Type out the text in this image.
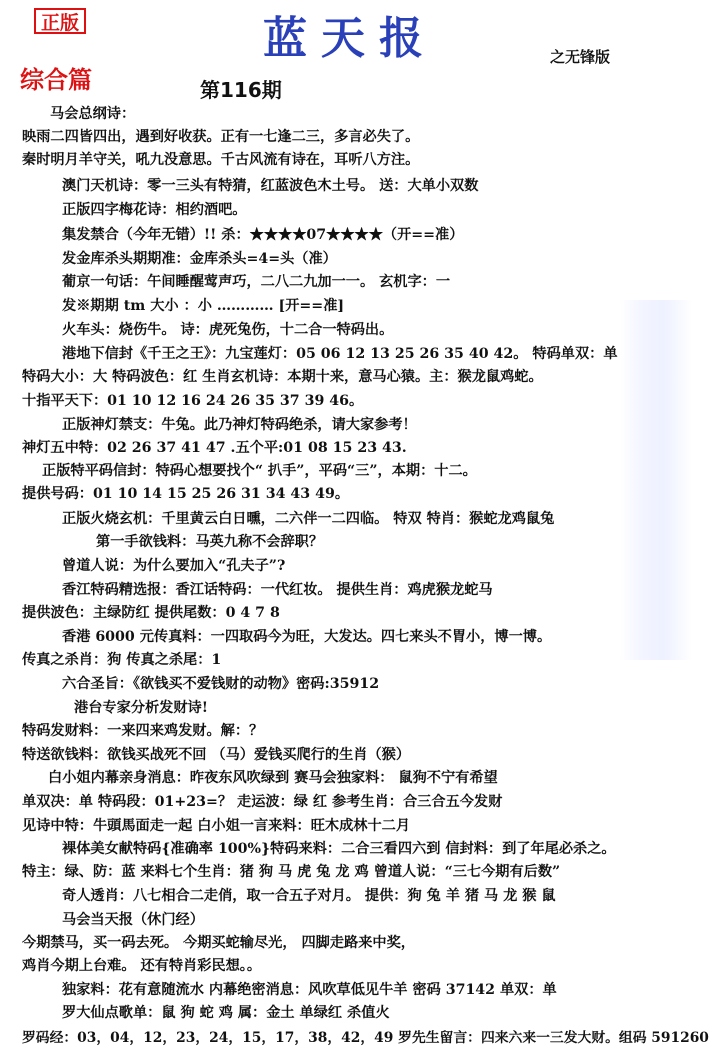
正版	蓝天报	之无锋版
综合篇	第116期
马会总纲诗：
映雨二四皆四出，遇到好收获。正有一七逢二三，多言必失了。
秦时明月羊守关，吼九没意思。千古风流有诗在，耳听八方注。
澳门天机诗：零一三头有特猜，红蓝波色木土号。 送：大单小双数
正版四字梅花诗：相约酒吧。
集发禁合（今年无错）!! 杀：★★★★07★★★★（开==准）
发金库杀头期期准：金库杀头=4=头（准）
葡京一句话：午间睡醒莺声巧，二八二九加一一。 玄机字：一
发※期期 tm 大小 ：小 ………… [开==准]
火车头：烧伤牛。 诗：虎死兔伤，十二合一特码出。
港地下信封《千王之王》：九宝莲灯：05 06 12 13 25 26 35 40 42。 特码单双：单
特码大小：大 特码波色：红 生肖玄机诗：本期十来，意马心猿。主：猴龙鼠鸡蛇。
十指平天下：01 10 12 16 24 26 35 37 39 46。
正版神灯禁支：牛兔。此乃神灯特码绝杀，请大家参考！
神灯五中特：02 26 37 41 47 .五个平:01 08 15 23 43.
正版特平码信封：特码心想要找个“ 扒手”，平码“三”，本期：十二。
提供号码：01 10 14 15 25 26 31 34 43 49。
正版火烧玄机：千里黄云白日曛，二六伴一二四临。 特双 特肖：猴蛇龙鸡鼠兔
第一手欲钱料：马英九称不会辞职？
曾道人说：为什么要加入“孔夫子”?
香江特码精选报：香江话特码：一代红妆。 提供生肖：鸡虎猴龙蛇马
提供波色：主绿防红 提供尾数：0 4 7 8
香港 6000 元传真料：一四取码今为旺，大发达。四七来头不胃小，博一博。
传真之杀肖：狗 传真之杀尾：1
六合圣旨：《欲钱买不爱钱财的动物》密码:35912
港台专家分析发财诗!
特码发财料：一来四来鸡发财。解：？
特送欲钱料：欲钱买战死不回 （马）爱钱买爬行的生肖（猴）
白小姐内幕亲身消息：昨夜东风吹绿到 赛马会独家料： 鼠狗不宁有希望
单双决：单 特码段：01+23=？ 走运波：绿 红 参考生肖：合三合五今发财
见诗中特：牛頭馬面走一起 白小姐一言来料：旺木成林十二月
裸体美女献特码{准确率 100%}特码来料：二合三看四六到 信封料：到了年尾必杀之。
特主：绿、防：蓝 来料七个生肖：猪 狗 马 虎 兔 龙 鸡 曾道人说：“三七今期有后数”
奇人透肖：八七相合二走俏，取一合五子对月。 提供：狗 兔 羊 猪 马 龙 猴 鼠
马会当天报（休门经）
今期禁马，买一码去死。 今期买蛇输尽光， 四脚走路来中奖，
鸡肖今期上台难。 还有特肖彩民想。。
独家料：花有意随流水 内幕绝密消息：风吹草低见牛羊 密码 37142 单双：单
罗大仙点歌单：鼠 狗 蛇 鸡 属：金土 单绿红 杀值火
罗码经：03，04，12，23，24，15，17，38，42，49 罗先生留言：四来六来一三发大财。组码 591260
